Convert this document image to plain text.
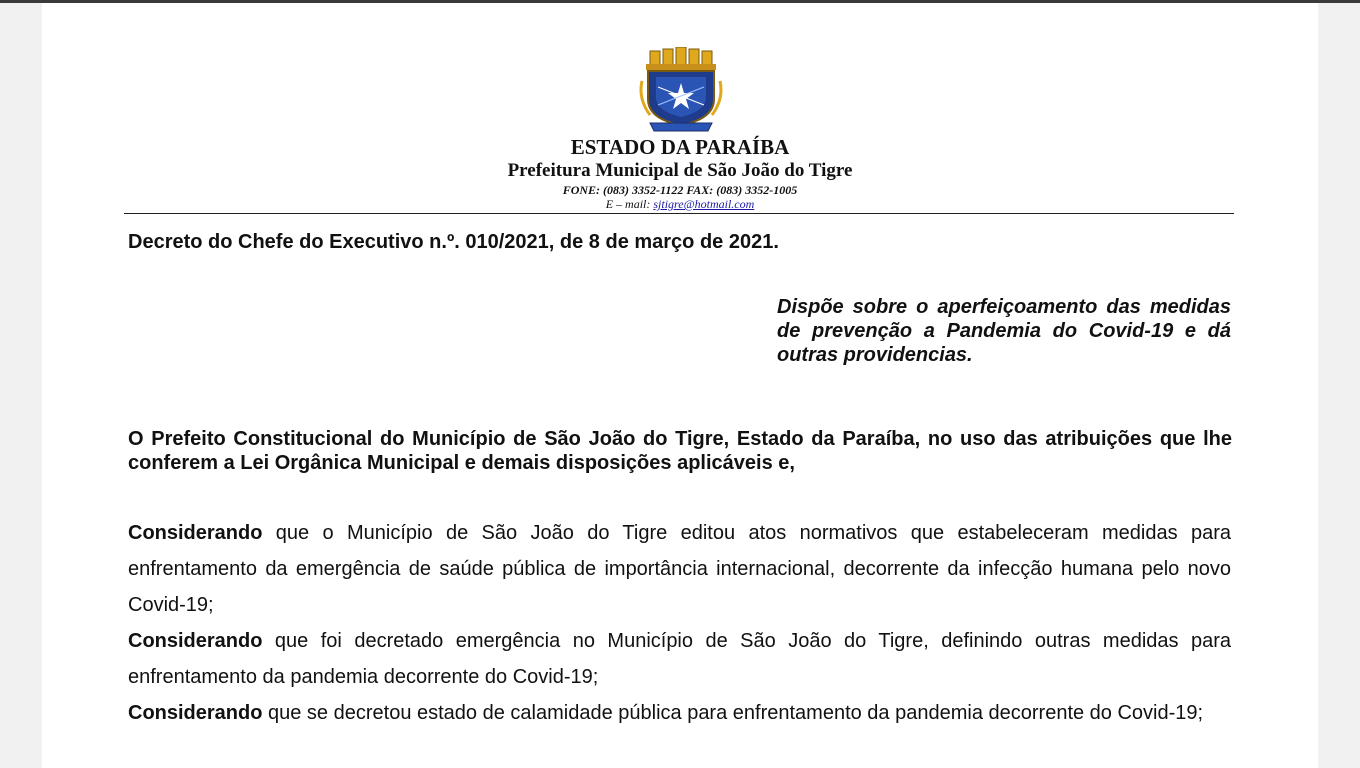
ESTADO DA PARAÍBA
Prefeitura Municipal de São João do Tigre
FONE: (083) 3352-1122 FAX: (083) 3352-1005
E – mail: sjtigre@hotmail.com
Decreto do Chefe do Executivo n.º. 010/2021, de 8 de março de 2021.
Dispõe sobre o aperfeiçoamento das medidas de prevenção a Pandemia do Covid-19 e dá outras providencias.
O Prefeito Constitucional do Município de São João do Tigre, Estado da Paraíba, no uso das atribuições que lhe conferem a Lei Orgânica Municipal e demais disposições aplicáveis e,
Considerando que o Município de São João do Tigre editou atos normativos que estabeleceram medidas para enfrentamento da emergência de saúde pública de importância internacional, decorrente da infecção humana pelo novo Covid-19;
Considerando que foi decretado emergência no Município de São João do Tigre, definindo outras medidas para enfrentamento da pandemia decorrente do Covid-19;
Considerando que se decretou estado de calamidade pública para enfrentamento da pandemia decorrente do Covid-19;
